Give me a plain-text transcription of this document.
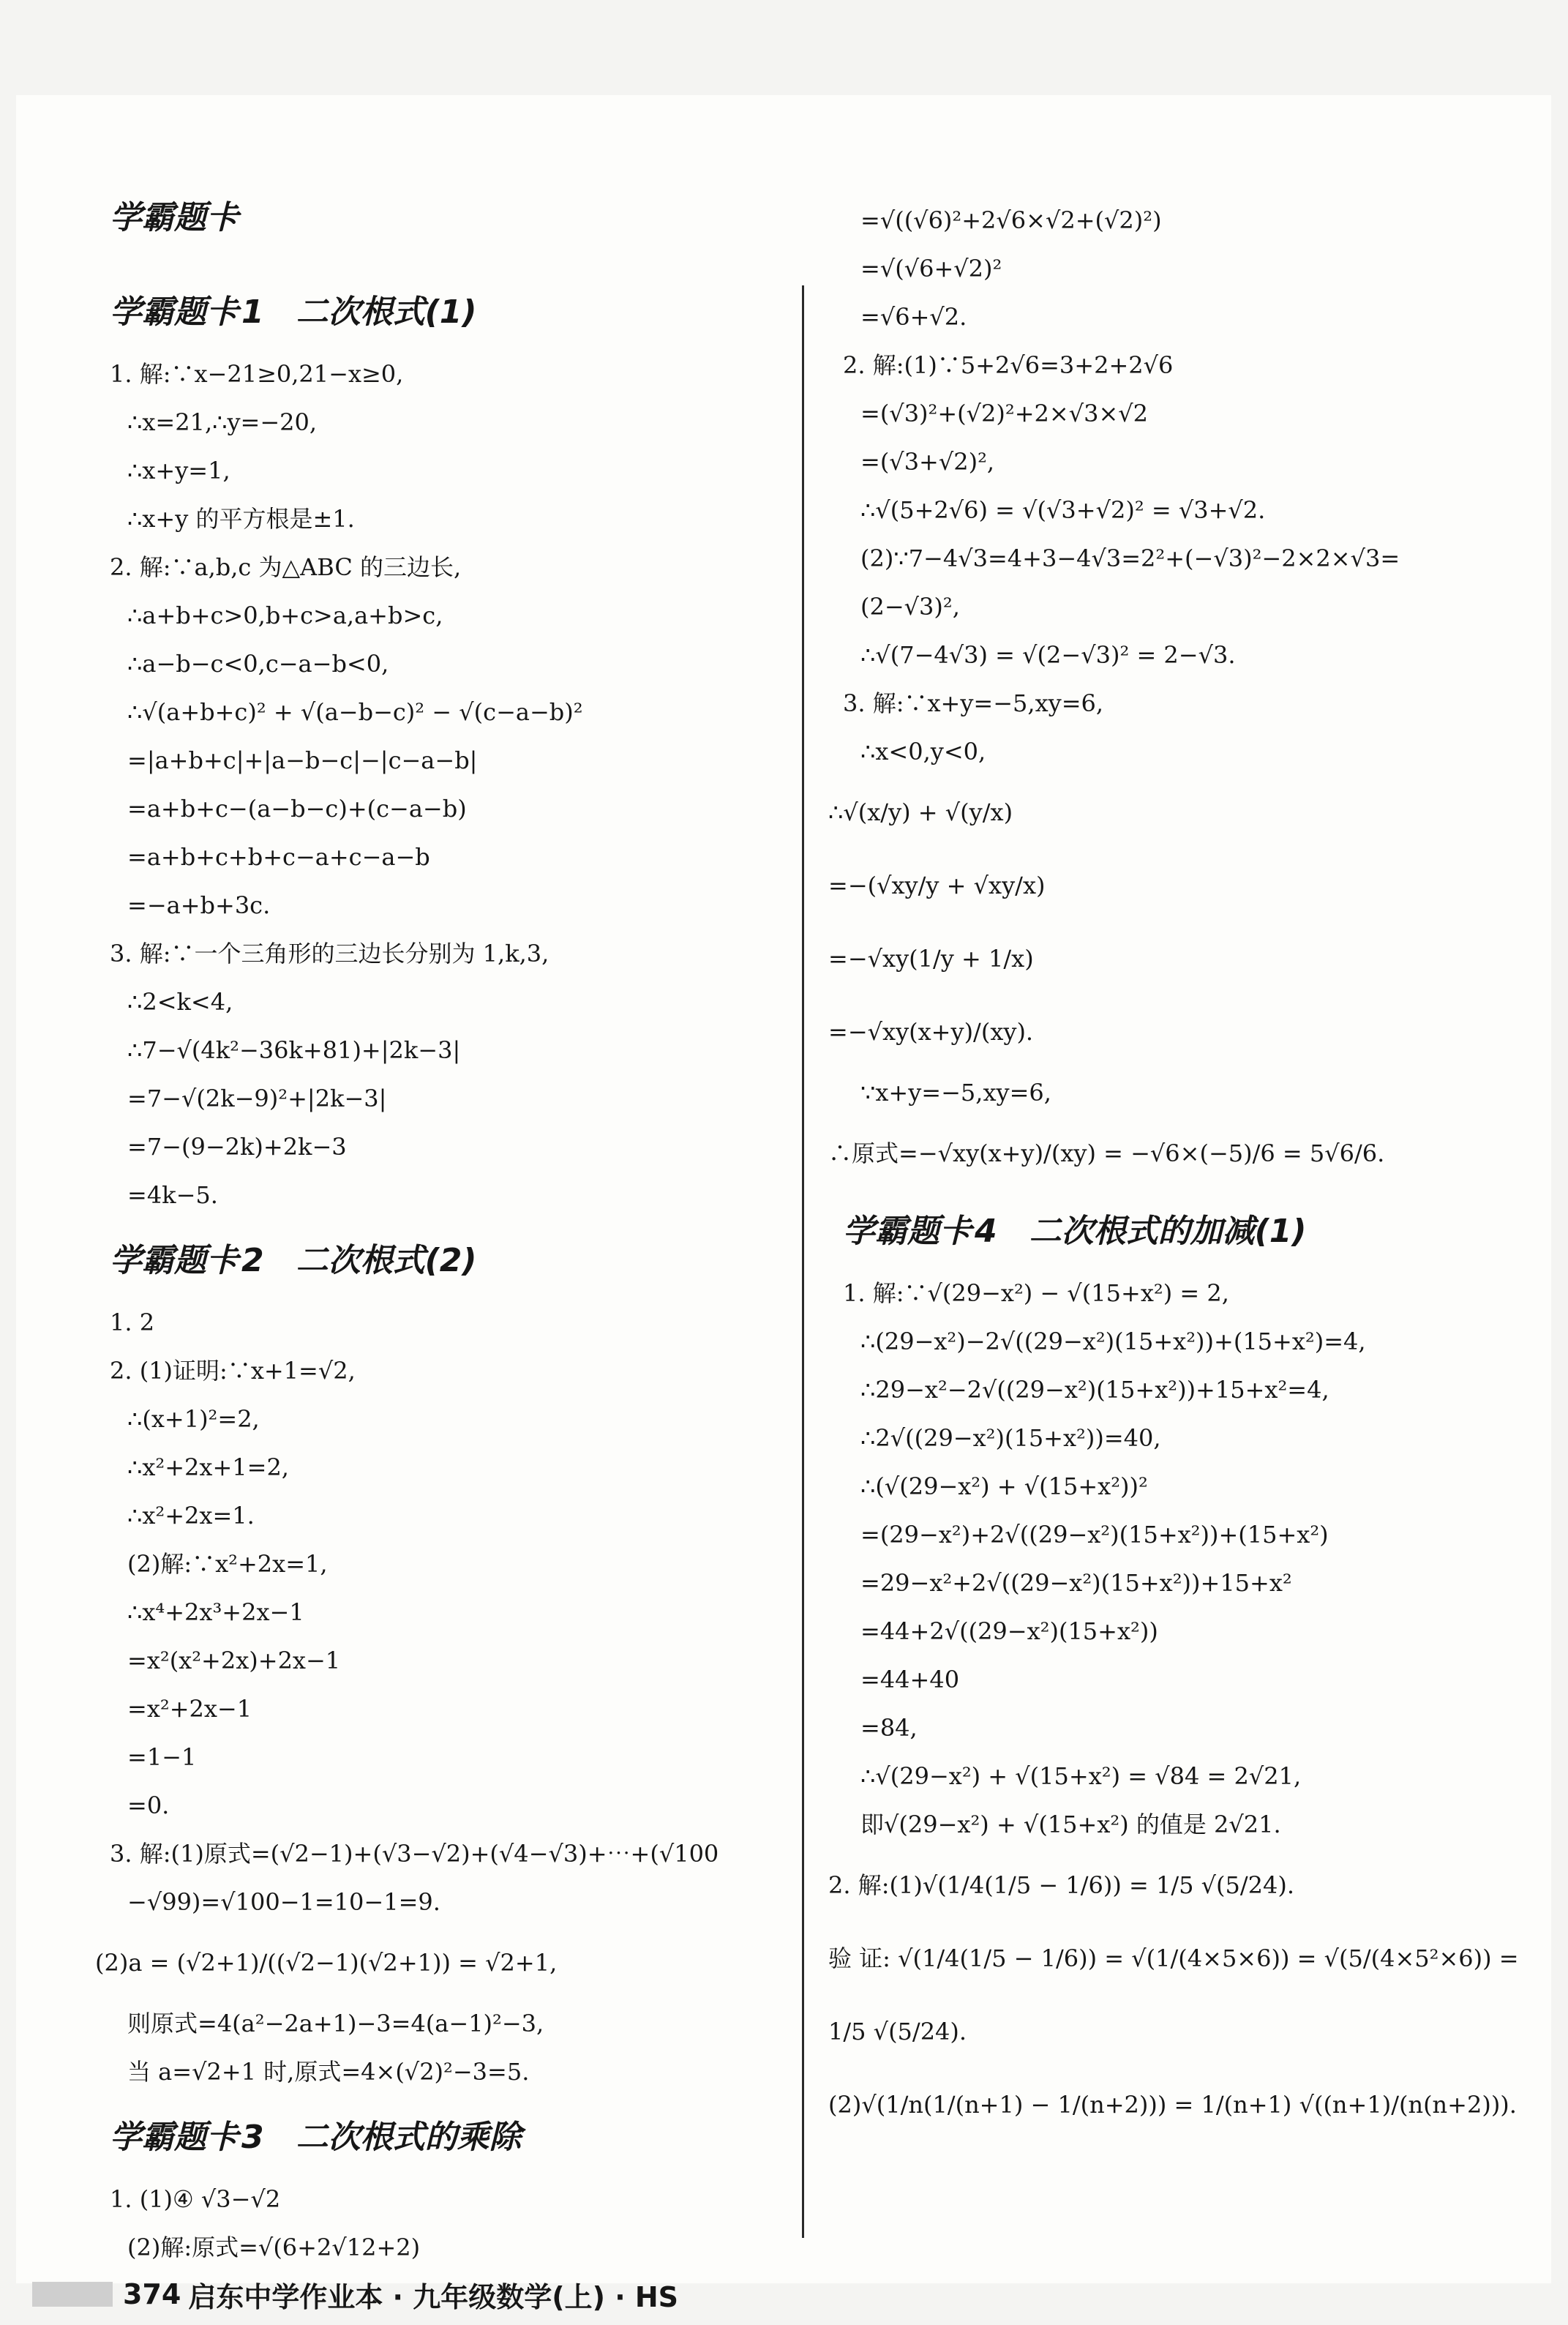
学霸题卡
学霸题卡1 二次根式(1)
1. 解:∵x−21≥0,21−x≥0,
∴x=21,∴y=−20,
∴x+y=1,
∴x+y 的平方根是±1.
2. 解:∵a,b,c 为△ABC 的三边长,
∴a+b+c>0,b+c>a,a+b>c,
∴a−b−c<0,c−a−b<0,
∴√(a+b+c)² + √(a−b−c)² − √(c−a−b)²
=|a+b+c|+|a−b−c|−|c−a−b|
=a+b+c−(a−b−c)+(c−a−b)
=a+b+c+b+c−a+c−a−b
=−a+b+3c.
3. 解:∵一个三角形的三边长分别为 1,k,3,
∴2<k<4,
∴7−√(4k²−36k+81)+|2k−3|
=7−√(2k−9)²+|2k−3|
=7−(9−2k)+2k−3
=4k−5.
学霸题卡2 二次根式(2)
1. 2
2. (1)证明:∵x+1=√2,
∴(x+1)²=2,
∴x²+2x+1=2,
∴x²+2x=1.
(2)解:∵x²+2x=1,
∴x⁴+2x³+2x−1
=x²(x²+2x)+2x−1
=x²+2x−1
=1−1
=0.
3. 解:(1)原式=(√2−1)+(√3−√2)+(√4−√3)+⋯+(√100
−√99)=√100−1=10−1=9.
(2)a = (√2+1)/((√2−1)(√2+1)) = √2+1,
则原式=4(a²−2a+1)−3=4(a−1)²−3,
当 a=√2+1 时,原式=4×(√2)²−3=5.
学霸题卡3 二次根式的乘除
1. (1)④ √3−√2
(2)解:原式=√(6+2√12+2)
=√((√6)²+2√6×√2+(√2)²)
=√(√6+√2)²
=√6+√2.
2. 解:(1)∵5+2√6=3+2+2√6
=(√3)²+(√2)²+2×√3×√2
=(√3+√2)²,
∴√(5+2√6) = √(√3+√2)² = √3+√2.
(2)∵7−4√3=4+3−4√3=2²+(−√3)²−2×2×√3=
(2−√3)²,
∴√(7−4√3) = √(2−√3)² = 2−√3.
3. 解:∵x+y=−5,xy=6,
∴x<0,y<0,
∴√(x/y) + √(y/x)
=−(√xy/y + √xy/x)
=−√xy(1/y + 1/x)
=−√xy(x+y)/(xy).
∵x+y=−5,xy=6,
∴原式=−√xy(x+y)/(xy) = −√6×(−5)/6 = 5√6/6.
学霸题卡4 二次根式的加减(1)
1. 解:∵√(29−x²) − √(15+x²) = 2,
∴(29−x²)−2√((29−x²)(15+x²))+(15+x²)=4,
∴29−x²−2√((29−x²)(15+x²))+15+x²=4,
∴2√((29−x²)(15+x²))=40,
∴(√(29−x²) + √(15+x²))²
=(29−x²)+2√((29−x²)(15+x²))+(15+x²)
=29−x²+2√((29−x²)(15+x²))+15+x²
=44+2√((29−x²)(15+x²))
=44+40
=84,
∴√(29−x²) + √(15+x²) = √84 = 2√21,
即√(29−x²) + √(15+x²) 的值是 2√21.
2. 解:(1)√(1/4(1/5 − 1/6)) = 1/5 √(5/24).
验 证: √(1/4(1/5 − 1/6)) = √(1/(4×5×6)) = √(5/(4×5²×6)) =
1/5 √(5/24).
(2)√(1/n(1/(n+1) − 1/(n+2))) = 1/(n+1) √((n+1)/(n(n+2))).
374 启东中学作业本 · 九年级数学(上) · HS
